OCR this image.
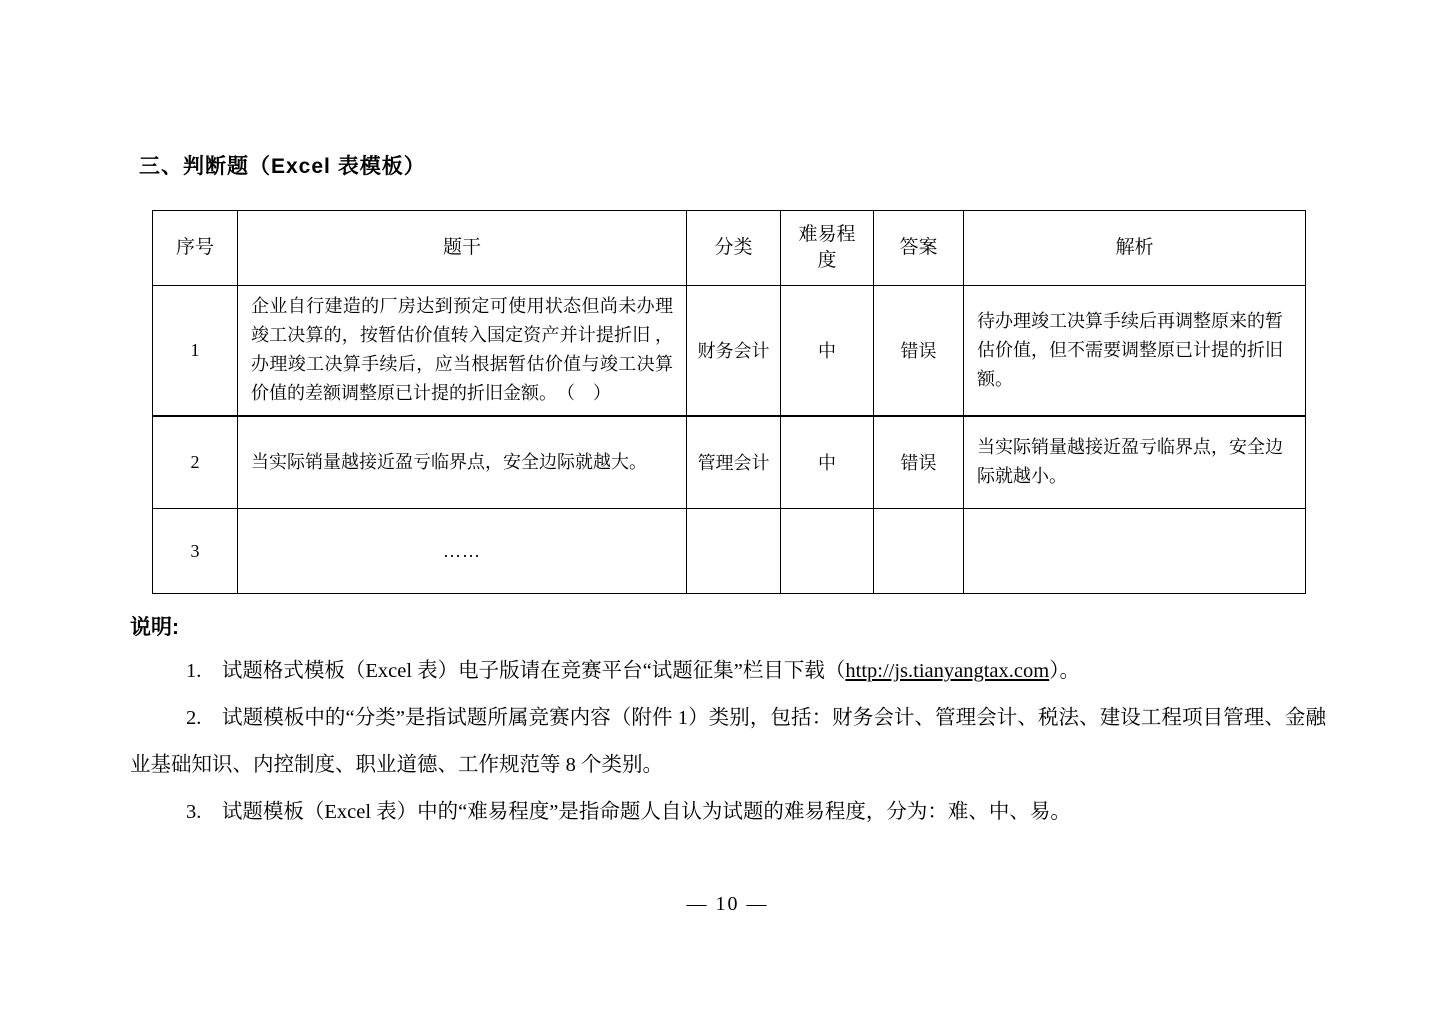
三、判断题（Excel 表模板）
序号	题干	分类	难易程度	答案	解析
1	企业自行建造的厂房达到预定可使用状态但尚未办理竣工决算的，按暂估价值转入国定资产并计提折旧 ，办理竣工决算手续后，应当根据暂估价值与竣工决算价值的差额调整原已计提的折旧金额。　（　）	财务会计	中	错误	待办理竣工决算手续后再调整原来的暂估价值，但不需要调整原已计提的折旧额。
2	当实际销量越接近盈亏临界点，安全边际就越大。	管理会计	中	错误	当实际销量越接近盈亏临界点，安全边际就越小。
3	……				
说明:

1.　试题格式模板（Excel 表）电子版请在竞赛平台“试题征集”栏目下载（http://js.tianyangtax.com）。

2.　试题模板中的“分类”是指试题所属竞赛内容（附件 1）类别，包括：财务会计、管理会计、税法、建设工程项目管理、金融业基础知识、内控制度、职业道德、工作规范等 8 个类别。

3.　试题模板（Excel 表）中的“难易程度”是指命题人自认为试题的难易程度，分为：难、中、易。

— 10 —
